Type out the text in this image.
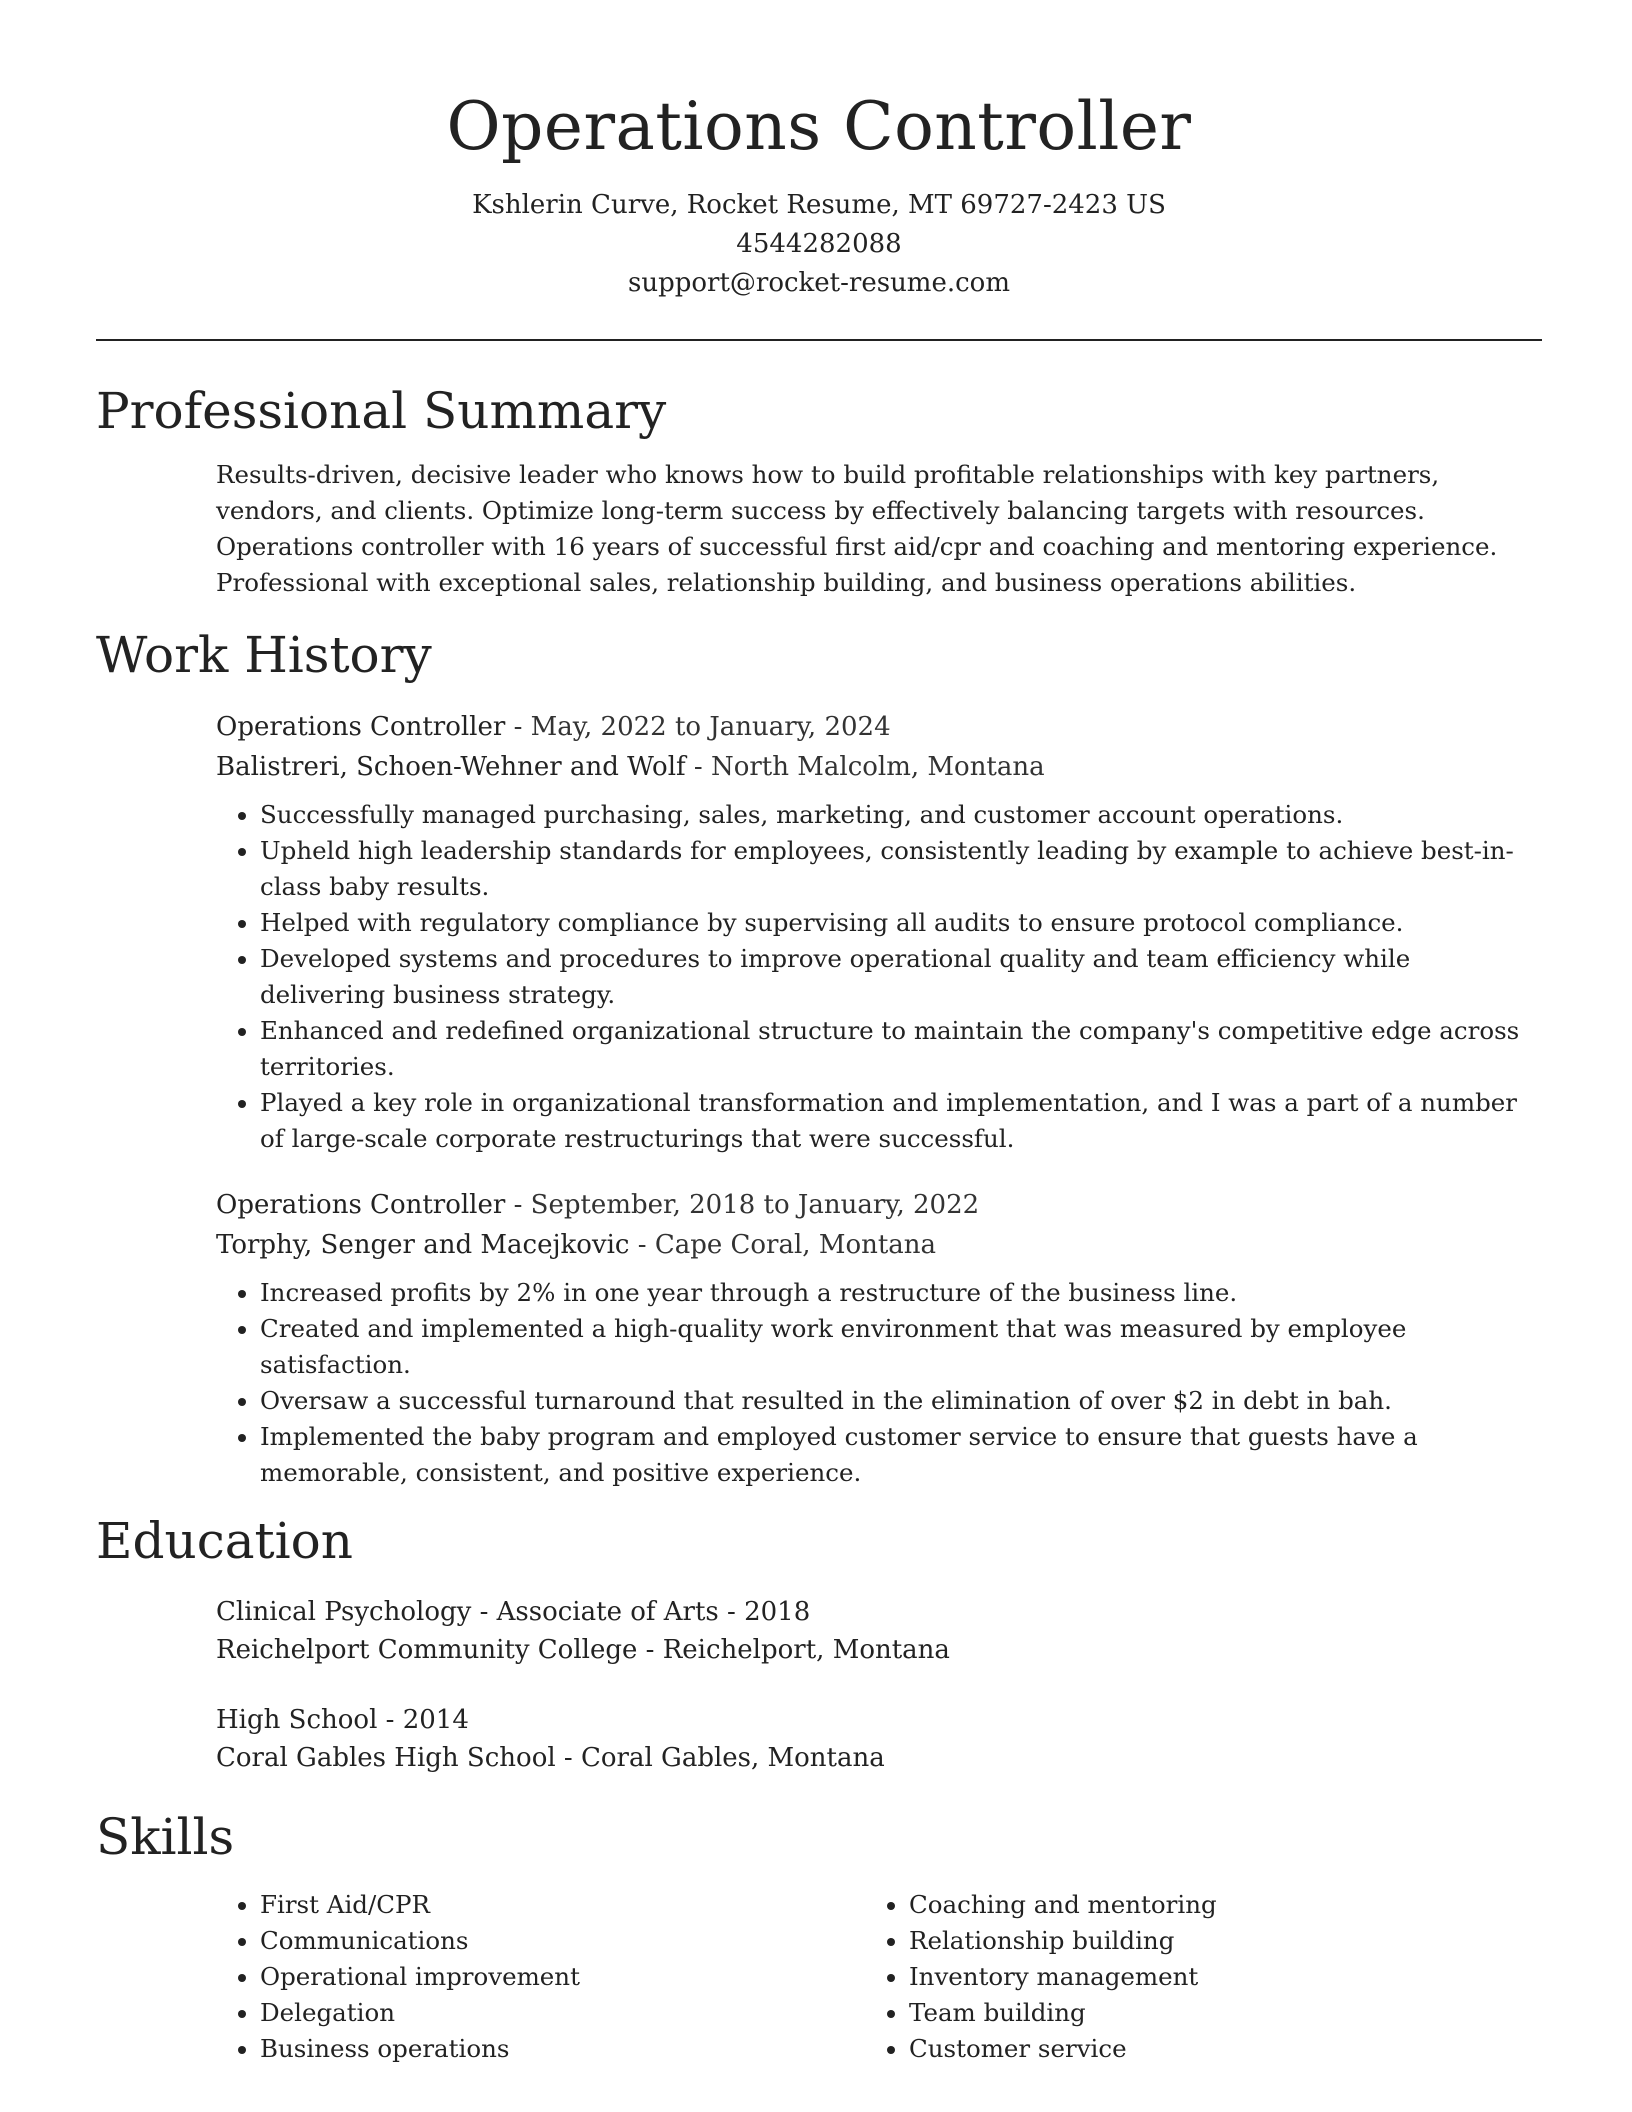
Operations Controller
Kshlerin Curve, Rocket Resume, MT 69727-2423 US
4544282088
support@rocket-resume.com
Professional Summary
Results-driven, decisive leader who knows how to build profitable relationships with key partners, vendors, and clients. Optimize long-term success by effectively balancing targets with resources. Operations controller with 16 years of successful first aid/cpr and coaching and mentoring experience. Professional with exceptional sales, relationship building, and business operations abilities.
Work History
Operations Controller - May, 2022 to January, 2024
Balistreri, Schoen-Wehner and Wolf - North Malcolm, Montana
• Successfully managed purchasing, sales, marketing, and customer account operations.
• Upheld high leadership standards for employees, consistently leading by example to achieve best-in-class baby results.
• Helped with regulatory compliance by supervising all audits to ensure protocol compliance.
• Developed systems and procedures to improve operational quality and team efficiency while delivering business strategy.
• Enhanced and redefined organizational structure to maintain the company's competitive edge across territories.
• Played a key role in organizational transformation and implementation, and I was a part of a number of large-scale corporate restructurings that were successful.
Operations Controller - September, 2018 to January, 2022
Torphy, Senger and Macejkovic - Cape Coral, Montana
• Increased profits by 2% in one year through a restructure of the business line.
• Created and implemented a high-quality work environment that was measured by employee satisfaction.
• Oversaw a successful turnaround that resulted in the elimination of over $2 in debt in bah.
• Implemented the baby program and employed customer service to ensure that guests have a memorable, consistent, and positive experience.
Education
Clinical Psychology - Associate of Arts - 2018
Reichelport Community College - Reichelport, Montana
High School - 2014
Coral Gables High School - Coral Gables, Montana
Skills
• First Aid/CPR
• Communications
• Operational improvement
• Delegation
• Business operations
• Coaching and mentoring
• Relationship building
• Inventory management
• Team building
• Customer service
